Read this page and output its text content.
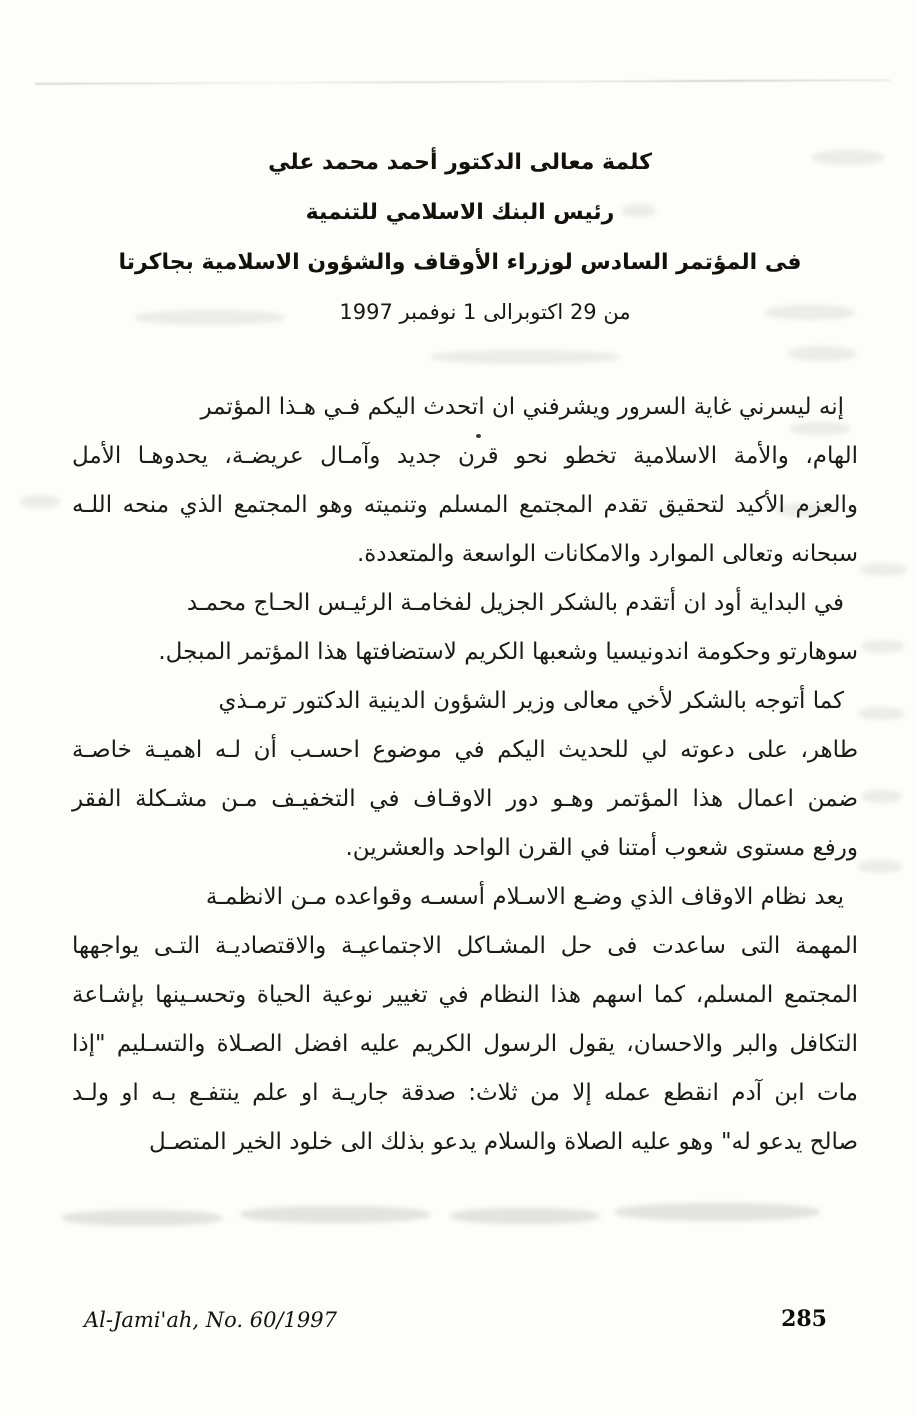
كلمة معالى الدكتور أحمد محمد علي
رئيس البنك الاسلامي للتنمية
فى المؤتمر السادس لوزراء الأوقاف والشؤون الاسلامية بجاكرتا
من 29 اكتوبرالى 1 نوفمبر 1997
إنه ليسرني غاية السرور ويشرفني ان اتحدث اليكم فـي هـذا المؤتمر
الهام، والأمة الاسلامية تخطو نحو قرن جديد وآمـال عريضـة، يحدوهـا الأمل
والعزم الأكيد لتحقيق تقدم المجتمع المسلم وتنميته وهو المجتمع الذي منحه اللـه
سبحانه وتعالى الموارد والامكانات الواسعة والمتعددة.
في البداية أود ان أتقدم بالشكر الجزيل لفخامـة الرئيـس الحـاج محمـد
سوهارتو وحكومة اندونيسيا وشعبها الكريم لاستضافتها هذا المؤتمر المبجل.
كما أتوجه بالشكر لأخي معالى وزير الشؤون الدينية الدكتور ترمـذي
طاهر، على دعوته لي للحديث اليكم في موضوع احسـب أن لـه اهميـة خاصـة
ضمن اعمال هذا المؤتمر وهـو دور الاوقـاف في التخفيـف مـن مشـكلة الفقر
ورفع مستوى شعوب أمتنا في القرن الواحد والعشرين.
يعد نظام الاوقاف الذي وضـع الاسـلام أسسـه وقواعده مـن الانظمـة
المهمة التى ساعدت فى حل المشـاكل الاجتماعيـة والاقتصاديـة التـى يواجهها
المجتمع المسلم، كما اسهم هذا النظام في تغيير نوعية الحياة وتحسـينها بإشـاعة
التكافل والبر والاحسان، يقول الرسول الكريم عليه افضل الصـلاة والتسـليم "إذا
مات ابن آدم انقطع عمله إلا من ثلاث: صدقة جاريـة او علم ينتفـع بـه او ولـد
صالح يدعو له" وهو عليه الصلاة والسلام يدعو بذلك الى خلود الخير المتصـل
Al-Jami'ah, No. 60/1997	285
